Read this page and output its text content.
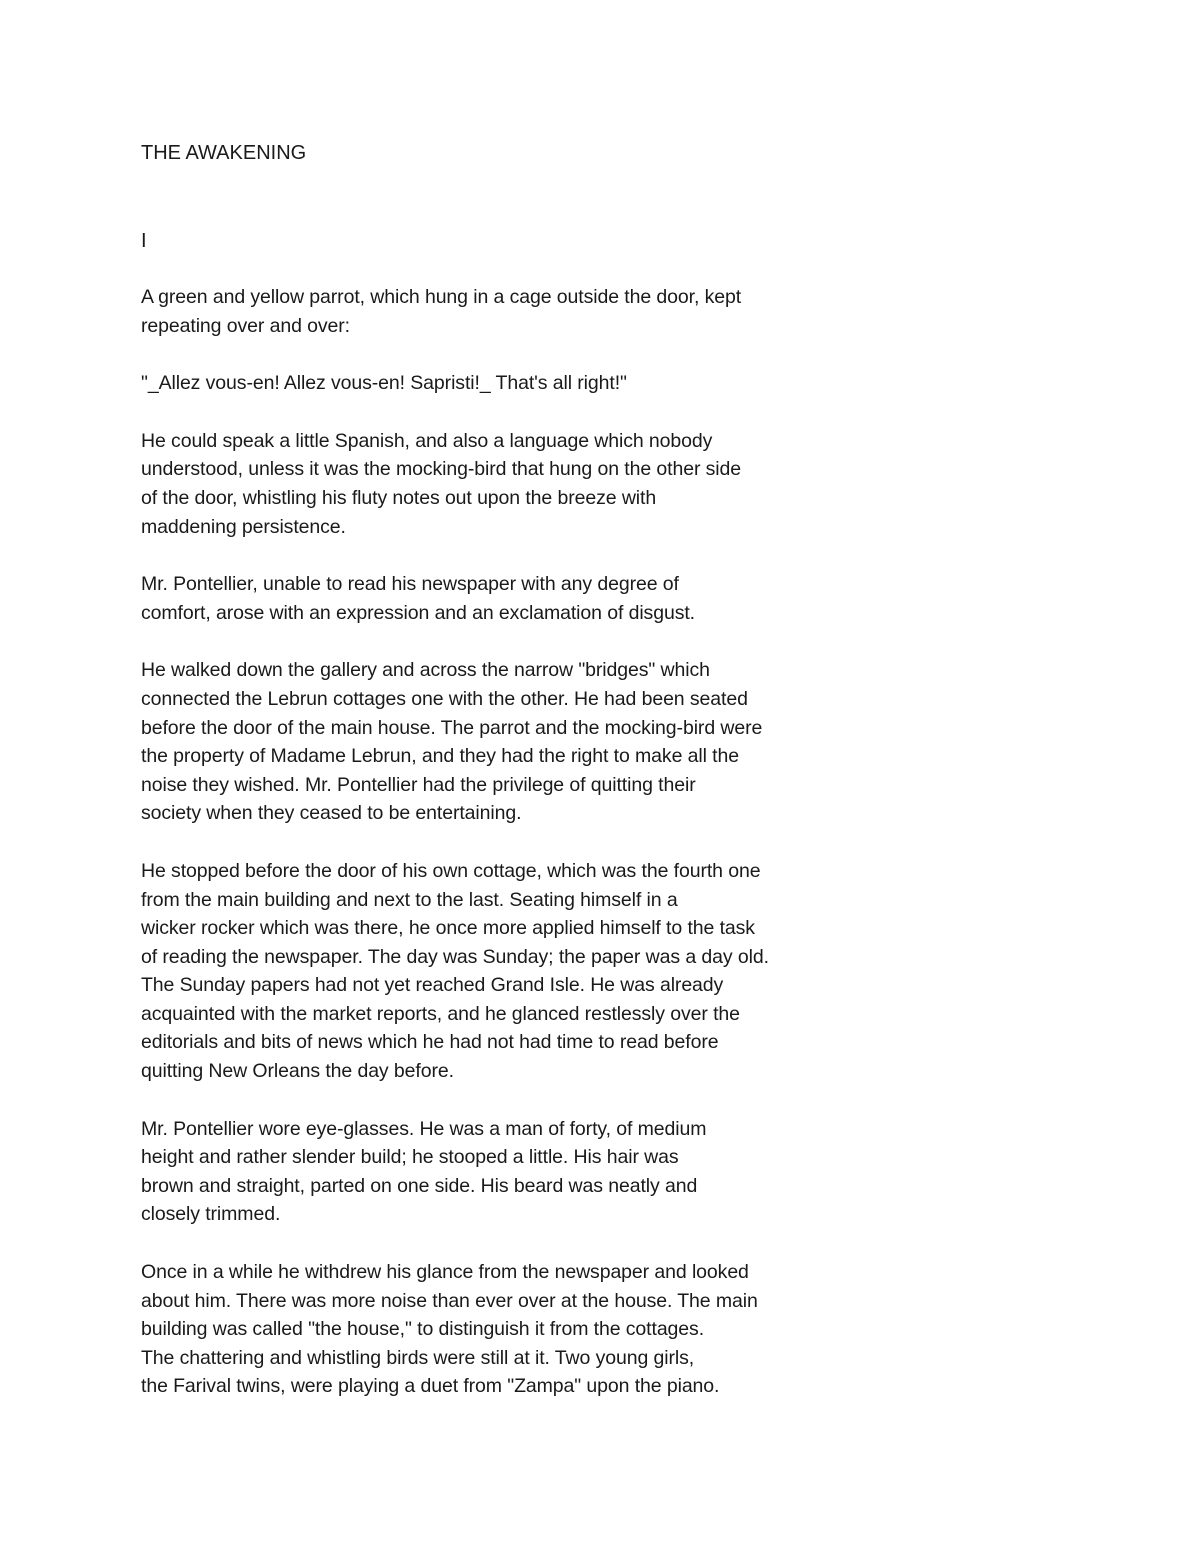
THE AWAKENING
I

A green and yellow parrot, which hung in a cage outside the door, kept
repeating over and over:

"_Allez vous-en! Allez vous-en! Sapristi!_ That's all right!"

He could speak a little Spanish, and also a language which nobody
understood, unless it was the mocking-bird that hung on the other side
of the door, whistling his fluty notes out upon the breeze with
maddening persistence.

Mr. Pontellier, unable to read his newspaper with any degree of
comfort, arose with an expression and an exclamation of disgust.

He walked down the gallery and across the narrow "bridges" which
connected the Lebrun cottages one with the other. He had been seated
before the door of the main house. The parrot and the mocking-bird were
the property of Madame Lebrun, and they had the right to make all the
noise they wished. Mr. Pontellier had the privilege of quitting their
society when they ceased to be entertaining.

He stopped before the door of his own cottage, which was the fourth one
from the main building and next to the last. Seating himself in a
wicker rocker which was there, he once more applied himself to the task
of reading the newspaper. The day was Sunday; the paper was a day old.
The Sunday papers had not yet reached Grand Isle. He was already
acquainted with the market reports, and he glanced restlessly over the
editorials and bits of news which he had not had time to read before
quitting New Orleans the day before.

Mr. Pontellier wore eye-glasses. He was a man of forty, of medium
height and rather slender build; he stooped a little. His hair was
brown and straight, parted on one side. His beard was neatly and
closely trimmed.

Once in a while he withdrew his glance from the newspaper and looked
about him. There was more noise than ever over at the house. The main
building was called "the house," to distinguish it from the cottages.
The chattering and whistling birds were still at it. Two young girls,
the Farival twins, were playing a duet from "Zampa" upon the piano.
